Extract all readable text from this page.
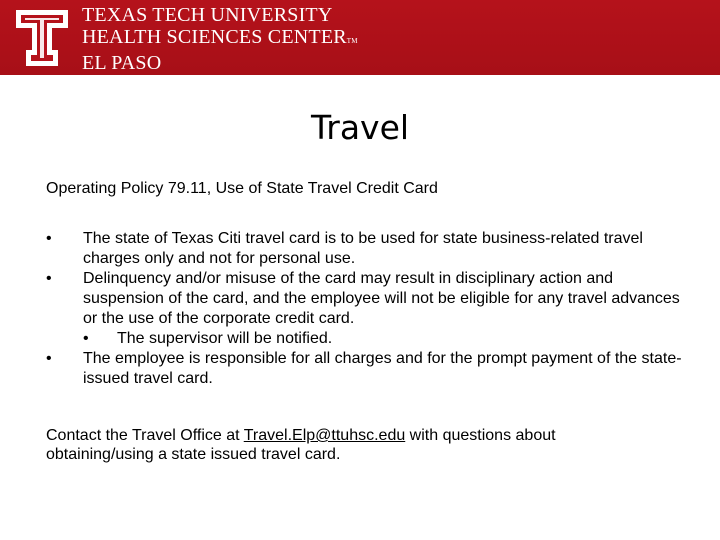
TEXAS TECH UNIVERSITY
HEALTH SCIENCES CENTERTM
EL PASO
Travel
Operating Policy 79.11, Use of State Travel Credit Card
• The state of Texas Citi travel card is to be used for state business-related travel charges only and not for personal use.
• Delinquency and/or misuse of the card may result in disciplinary action and suspension of the card, and the employee will not be eligible for any travel advances or the use of the corporate credit card.
• The supervisor will be notified.
• The employee is responsible for all charges and for the prompt payment of the state-issued travel card.
Contact the Travel Office at Travel.Elp@ttuhsc.edu with questions about obtaining/using a state issued travel card.
